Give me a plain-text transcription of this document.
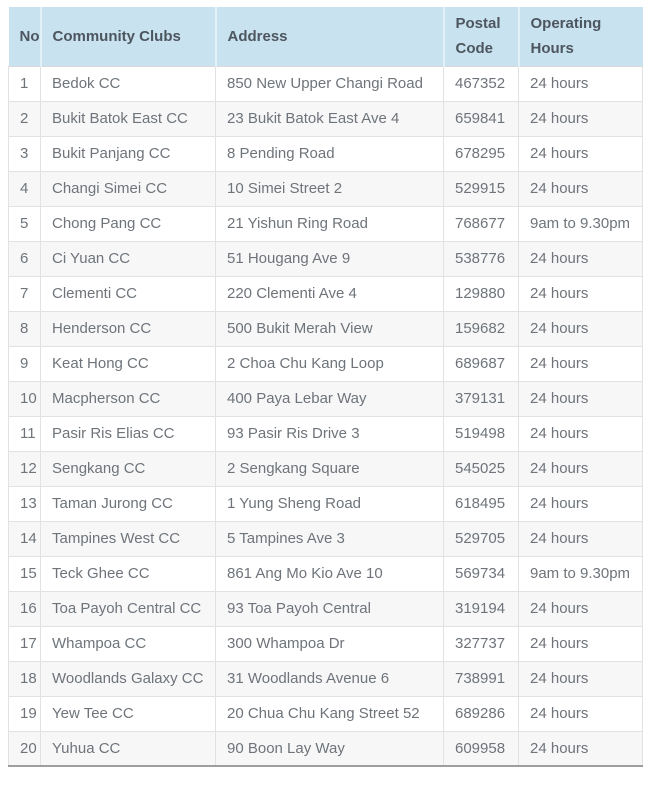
No	Community Clubs	Address	Postal Code	Operating Hours
1	Bedok CC	850 New Upper Changi Road	467352	24 hours
2	Bukit Batok East CC	23 Bukit Batok East Ave 4	659841	24 hours
3	Bukit Panjang CC	8 Pending Road	678295	24 hours
4	Changi Simei CC	10 Simei Street 2	529915	24 hours
5	Chong Pang CC	21 Yishun Ring Road	768677	9am to 9.30pm
6	Ci Yuan CC	51 Hougang Ave 9	538776	24 hours
7	Clementi CC	220 Clementi Ave 4	129880	24 hours
8	Henderson CC	500 Bukit Merah View	159682	24 hours
9	Keat Hong CC	2 Choa Chu Kang Loop	689687	24 hours
10	Macpherson CC	400 Paya Lebar Way	379131	24 hours
11	Pasir Ris Elias CC	93 Pasir Ris Drive 3	519498	24 hours
12	Sengkang CC	2 Sengkang Square	545025	24 hours
13	Taman Jurong CC	1 Yung Sheng Road	618495	24 hours
14	Tampines West CC	5 Tampines Ave 3	529705	24 hours
15	Teck Ghee CC	861 Ang Mo Kio Ave 10	569734	9am to 9.30pm
16	Toa Payoh Central CC	93 Toa Payoh Central	319194	24 hours
17	Whampoa CC	300 Whampoa Dr	327737	24 hours
18	Woodlands Galaxy CC	31 Woodlands Avenue 6	738991	24 hours
19	Yew Tee CC	20 Chua Chu Kang Street 52	689286	24 hours
20	Yuhua CC	90 Boon Lay Way	609958	24 hours
